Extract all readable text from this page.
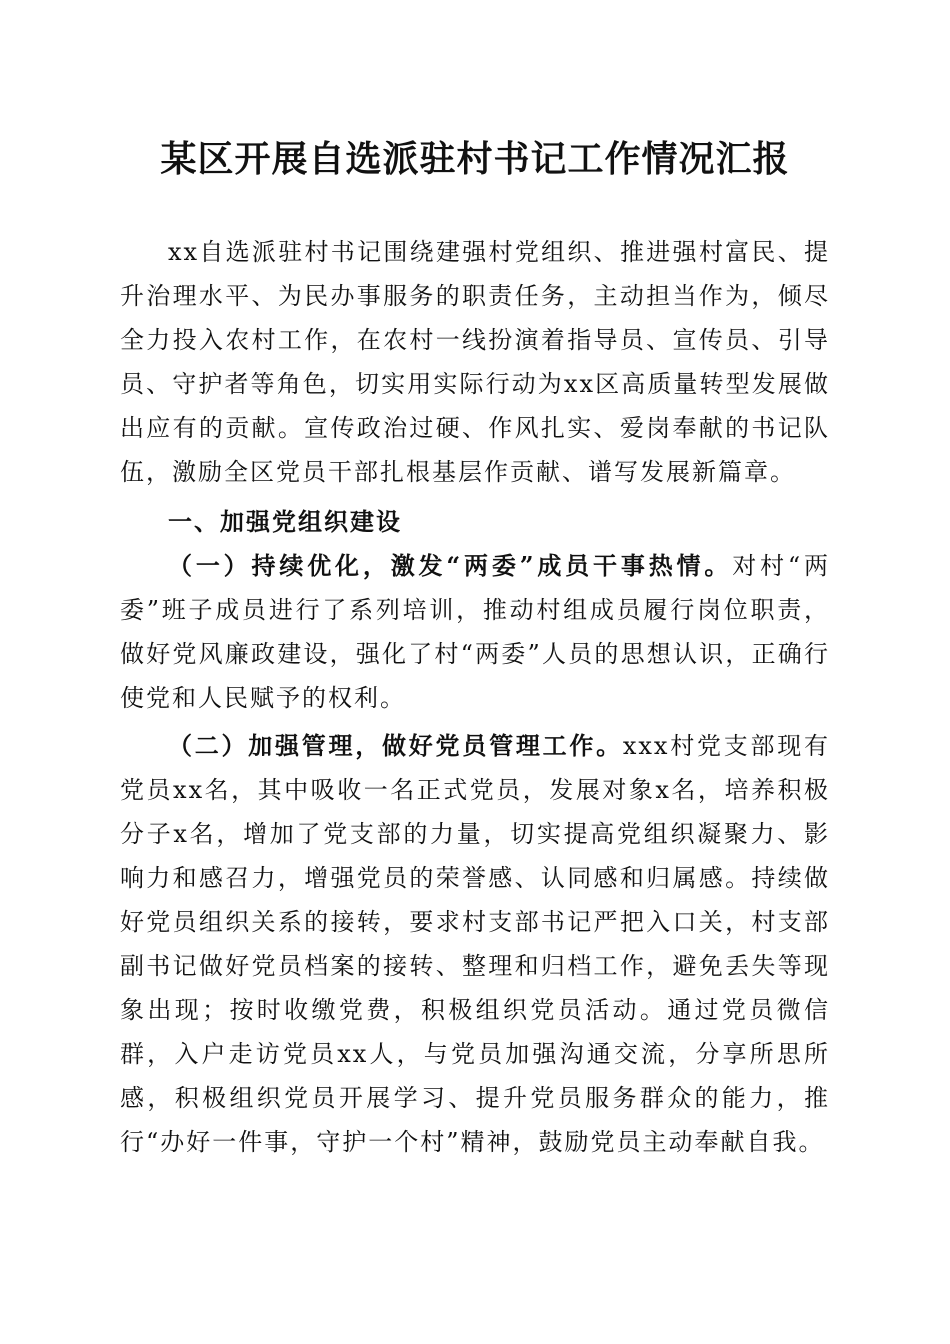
某区开展自选派驻村书记工作情况汇报

xx自选派驻村书记围绕建强村党组织、推进强村富民、提升治理水平、为民办事服务的职责任务，主动担当作为，倾尽全力投入农村工作，在农村一线扮演着指导员、宣传员、引导员、守护者等角色，切实用实际行动为xx区高质量转型发展做出应有的贡献。宣传政治过硬、作风扎实、爱岗奉献的书记队伍，激励全区党员干部扎根基层作贡献、谱写发展新篇章。

一、加强党组织建设

（一）持续优化，激发“两委”成员干事热情。对村“两委”班子成员进行了系列培训，推动村组成员履行岗位职责，做好党风廉政建设，强化了村“两委”人员的思想认识，正确行使党和人民赋予的权利。

（二）加强管理，做好党员管理工作。xxx村党支部现有党员xx名，其中吸收一名正式党员，发展对象x名，培养积极分子x名，增加了党支部的力量，切实提高党组织凝聚力、影响力和感召力，增强党员的荣誉感、认同感和归属感。持续做好党员组织关系的接转，要求村支部书记严把入口关，村支部副书记做好党员档案的接转、整理和归档工作，避免丢失等现象出现；按时收缴党费，积极组织党员活动。通过党员微信群，入户走访党员xx人，与党员加强沟通交流，分享所思所感，积极组织党员开展学习、提升党员服务群众的能力，推行“办好一件事，守护一个村”精神，鼓励党员主动奉献自我。
